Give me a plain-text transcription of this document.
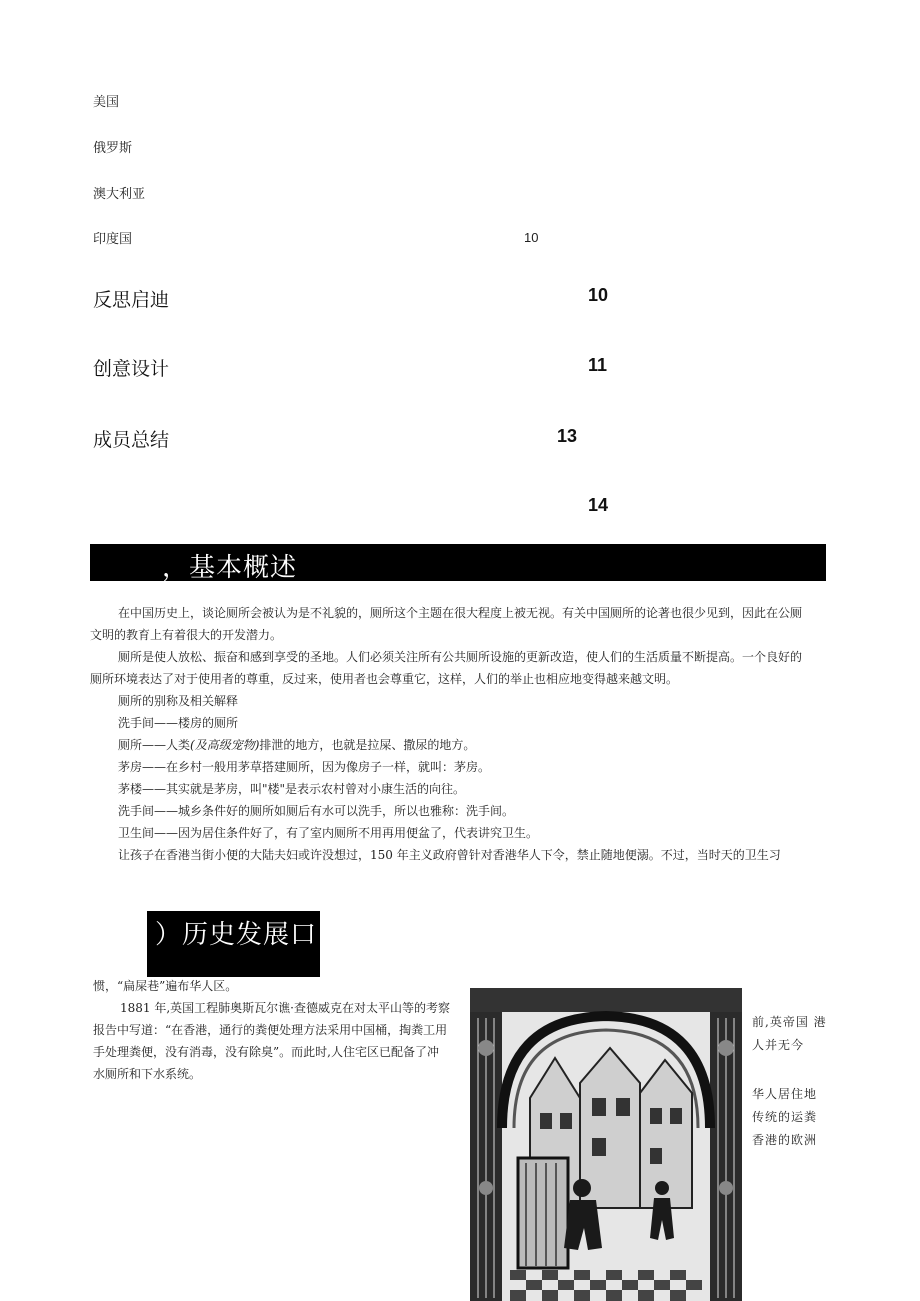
美国
俄罗斯
澳大利亚
印度国	10
反思启迪	10
创意设计	11
成员总结	13
14
，基本概述
在中国历史上，谈论厕所会被认为是不礼貌的，厕所这个主题在很大程度上被无视。有关中国厕所的论著也很少见到，因此在公厕
文明的教育上有着很大的开发潜力。
厕所是使人放松、振奋和感到享受的圣地。人们必须关注所有公共厕所设施的更新改造，使人们的生活质量不断提高。一个良好的
厕所环境表达了对于使用者的尊重，反过来，使用者也会尊重它，这样，人们的举止也相应地变得越来越文明。
厕所的别称及相关解释
洗手间——楼房的厕所
厕所——人类(及高级宠物)排泄的地方，也就是拉屎、撒尿的地方。
茅房——在乡村一般用茅草搭建厕所，因为像房子一样，就叫：茅房。
茅楼——其实就是茅房，叫"楼"是表示农村曾对小康生活的向往。
洗手间——城乡条件好的厕所如厕后有水可以洗手，所以也雅称：洗手间。
卫生间——因为居住条件好了，有了室内厕所不用再用便盆了，代表讲究卫生。
让孩子在香港当街小便的大陆夫妇或许没想过，150 年主义政府曾针对香港华人下令，禁止随地便溺。不过，当时天的卫生习
）历史发展口
惯，“扁屎巷”遍布华人区。
1881 年,英国工程肺奥斯瓦尔谯·查德威克在对太平山等的考察
报告中写道：“在香港，通行的粪便处理方法采用中国桶，掏粪工用
手处理粪便，没有消毒，没有除臭”。而此时,人住宅区已配备了冲
水厕所和下水系统。
前,英帝国 港
人并无今
华人居住地
传统的运粪
香港的欧洲
